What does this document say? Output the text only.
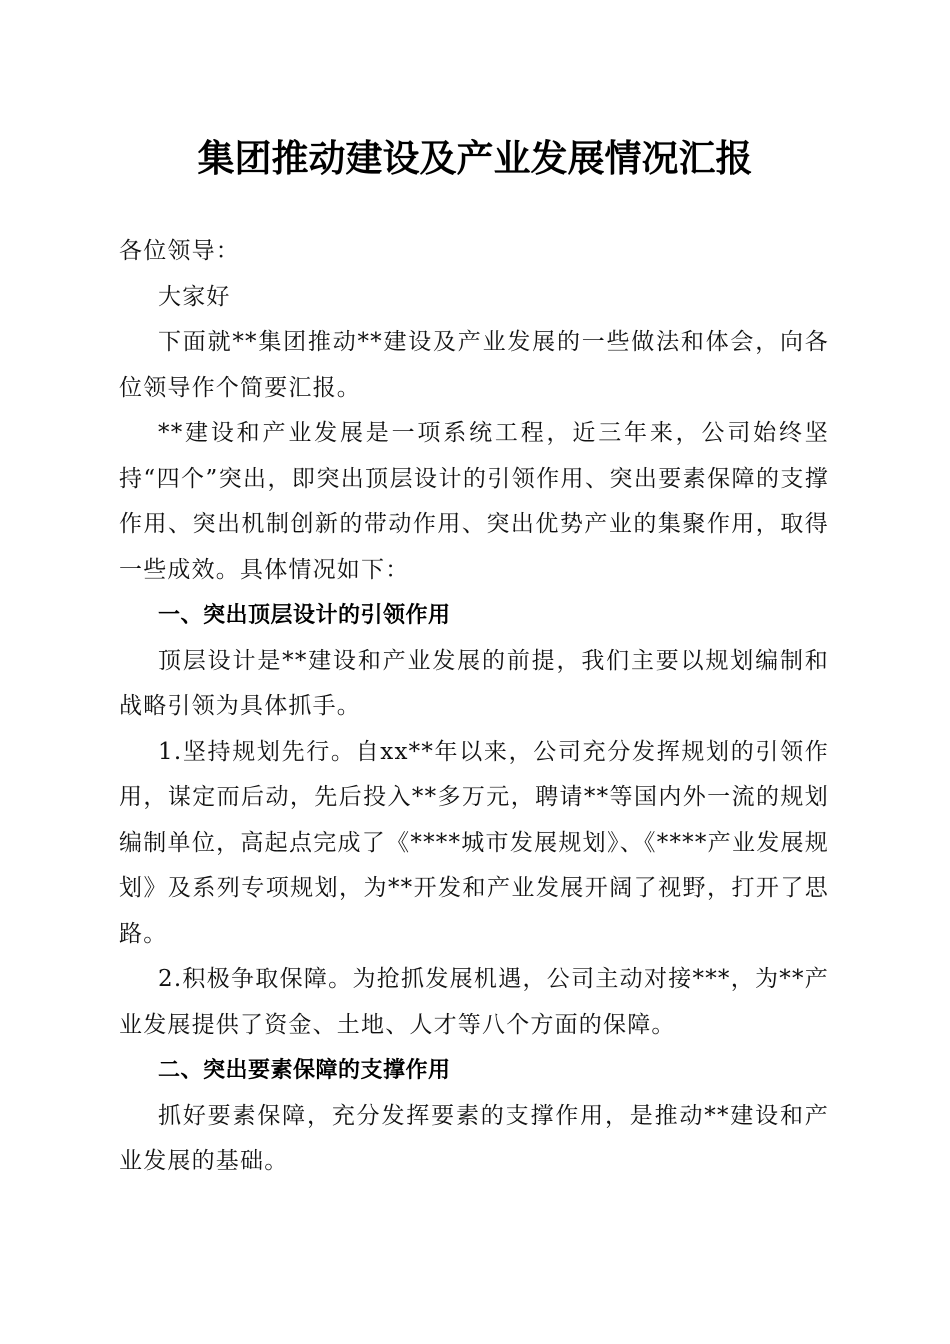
集团推动建设及产业发展情况汇报

各位领导：

大家好

下面就**集团推动**建设及产业发展的一些做法和体会，向各位领导作个简要汇报。

**建设和产业发展是一项系统工程，近三年来，公司始终坚持“四个”突出，即突出顶层设计的引领作用、突出要素保障的支撑作用、突出机制创新的带动作用、突出优势产业的集聚作用，取得一些成效。具体情况如下：

一、突出顶层设计的引领作用

顶层设计是**建设和产业发展的前提，我们主要以规划编制和战略引领为具体抓手。

1.坚持规划先行。自xx**年以来，公司充分发挥规划的引领作用，谋定而后动，先后投入**多万元，聘请**等国内外一流的规划编制单位，高起点完成了《****城市发展规划》、《****产业发展规划》及系列专项规划，为**开发和产业发展开阔了视野，打开了思路。

2.积极争取保障。为抢抓发展机遇，公司主动对接***，为**产业发展提供了资金、土地、人才等八个方面的保障。

二、突出要素保障的支撑作用

抓好要素保障，充分发挥要素的支撑作用，是推动**建设和产业发展的基础。
